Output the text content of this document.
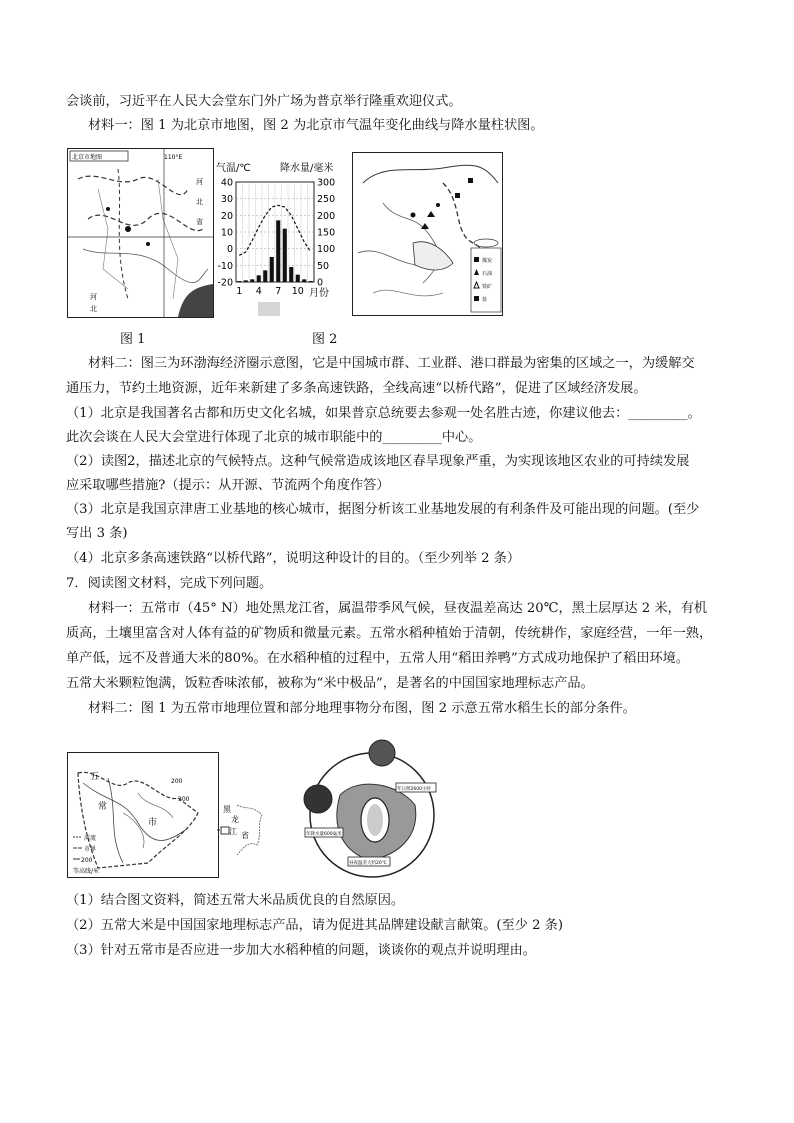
会谈前，习近平在人民大会堂东门外广场为普京举行隆重欢迎仪式。
材料一：图 1 为北京市地图，图 2 为北京市气温年变化曲线与降水量柱状图。
北京市地图	110°E
河
北
省
河
北
气温/℃	降水量/毫米
40
30
20
10
0
-10
-20
300
250
200
150
100
50
0
1 4 7 10 月份
煤炭
石油
铁矿
盐
图 1	图 2
材料二：图三为环渤海经济圈示意图，它是中国城市群、工业群、港口群最为密集的区域之一，为缓解交
通压力，节约土地资源，近年来新建了多条高速铁路，全线高速“以桥代路”，促进了区域经济发展。
（1）北京是我国著名古都和历史文化名城，如果普京总统要去参观一处名胜古迹，你建议他去：_________。
此次会谈在人民大会堂进行体现了北京的城市职能中的_________中心。
（2）读图2，描述北京的气候特点。这种气候常造成该地区春旱现象严重，为实现该地区农业的可持续发展
应采取哪些措施?（提示：从开源、节流两个角度作答）
（3）北京是我国京津唐工业基地的核心城市，据图分析该工业基地发展的有利条件及可能出现的问题。(至少
写出 3 条)
（4）北京多条高速铁路“以桥代路”，说明这种设计的目的。（至少列举 2 条）
7．阅读图文材料，完成下列问题。
材料一：五常市（45° N）地处黑龙江省，属温带季风气候，昼夜温差高达 20℃，黑土层厚达 2 米，有机
质高，土壤里富含对人体有益的矿物质和微量元素。五常水稻种植始于清朝，传统耕作，家庭经营，一年一熟，
单产低，远不及普通大米的80%。在水稻种植的过程中，五常人用“稻田养鸭”方式成功地保护了稻田环境。
五常大米颗粒饱满，饭粒香味浓郁，被称为“米中极品”，是著名的中国国家地理标志产品。
材料二：图 1 为五常市地理位置和部分地理事物分布图，图 2 示意五常水稻生长的部分条件。
五
常
市
200
300
河流
市界
200
等高线/米
黑
龙
江 省
年日照2600小时
年降水量600毫米
昼夜温差大约20℃
（1）结合图文资料，简述五常大米品质优良的自然原因。
（2）五常大米是中国国家地理标志产品，请为促进其品牌建设献言献策。(至少 2 条)
（3）针对五常市是否应进一步加大水稻种植的问题，谈谈你的观点并说明理由。
